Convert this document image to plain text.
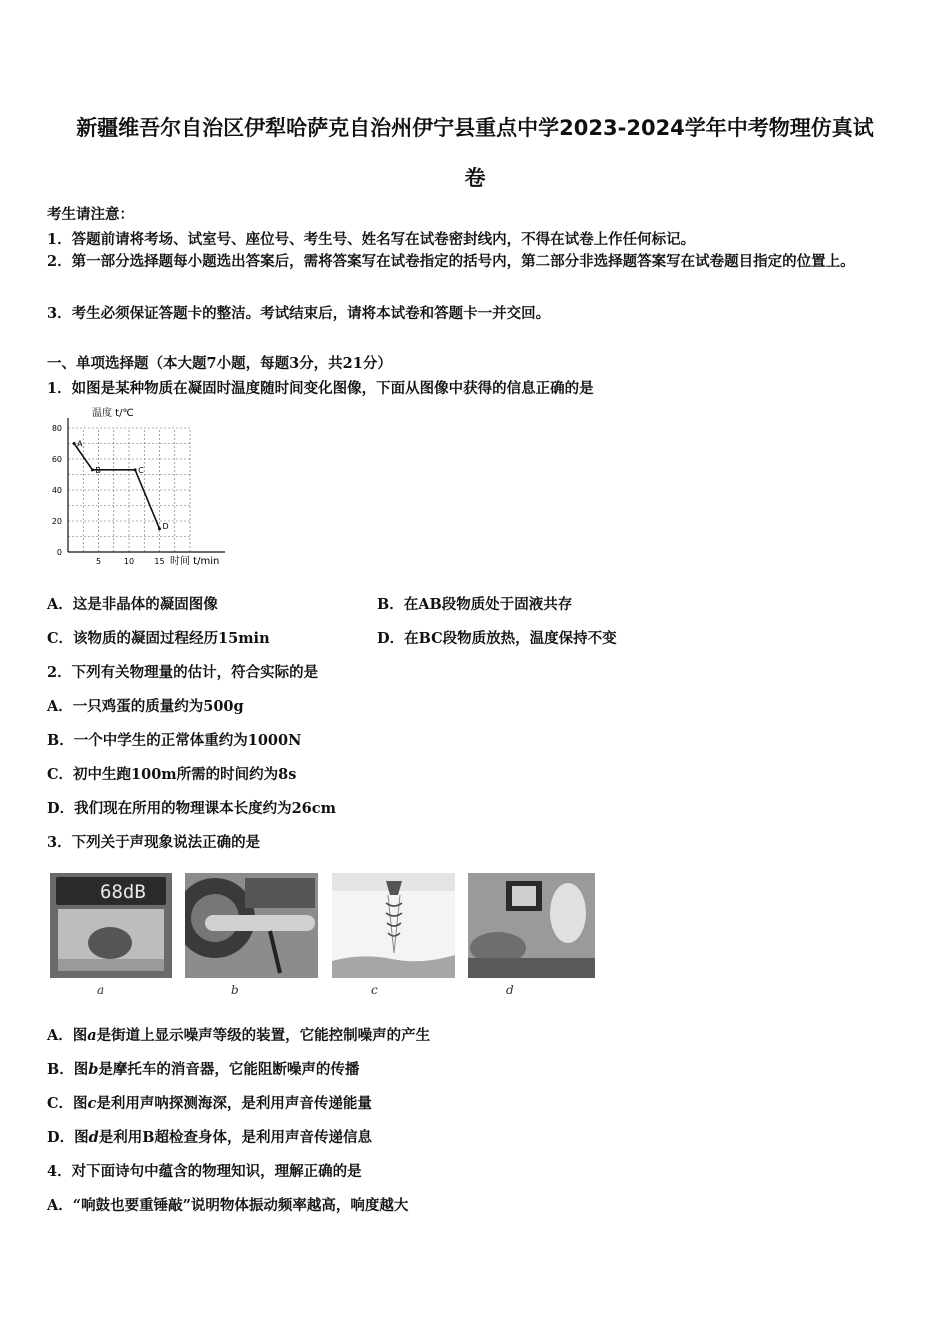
新疆维吾尔自治区伊犁哈萨克自治州伊宁县重点中学2023-2024学年中考物理仿真试
卷
考生请注意：
1．答题前请将考场、试室号、座位号、考生号、姓名写在试卷密封线内，不得在试卷上作任何标记。
2．第一部分选择题每小题选出答案后，需将答案写在试卷指定的括号内，第二部分非选择题答案写在试卷题目指定的位置上。
3．考生必须保证答题卡的整洁。考试结束后，请将本试卷和答题卡一并交回。
一、单项选择题（本大题7小题，每题3分，共21分）
1．如图是某种物质在凝固时温度随时间变化图像，下面从图像中获得的信息正确的是
温度 t/℃
时间 t/min
0
20
40
60
80
5	10	15
A
B	C
D
A．这是非晶体的凝固图像	B．在AB段物质处于固液共存
C．该物质的凝固过程经历15min	D．在BC段物质放热，温度保持不变
2．下列有关物理量的估计，符合实际的是
A．一只鸡蛋的质量约为500g
B．一个中学生的正常体重约为1000N
C．初中生跑100m所需的时间约为8s
D．我们现在所用的物理课本长度约为26cm
3．下列关于声现象说法正确的是
68dB
a	b	c	d
A．图a是街道上显示噪声等级的装置，它能控制噪声的产生
B．图b是摩托车的消音器，它能阻断噪声的传播
C．图c是利用声呐探测海深，是利用声音传递能量
D．图d是利用B超检查身体，是利用声音传递信息
4．对下面诗句中蕴含的物理知识，理解正确的是
A．“响鼓也要重锤敲”说明物体振动频率越高，响度越大
